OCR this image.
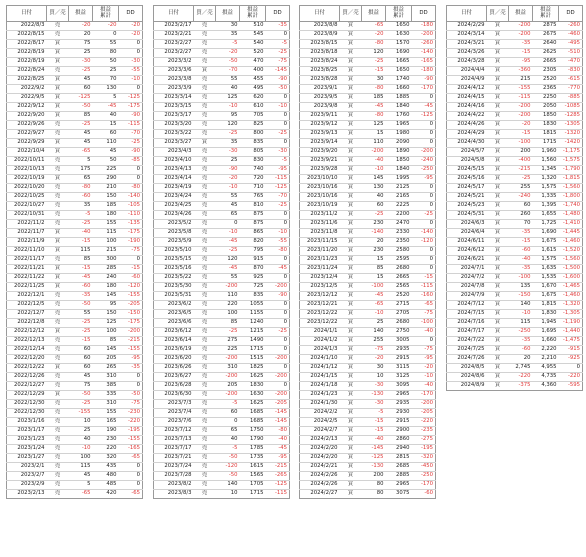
日付	買／売	損益	損益
累計	DD
2022/8/3	売	-20	-20	-20
2022/8/15	売	20	0	-20
2022/8/17	買	75	55	0
2022/8/19	買	25	80	0
2022/8/19	買	-30	50	-30
2022/8/24	売	-25	25	-55
2022/8/25	買	45	70	-10
2022/9/2	買	60	130	0
2022/9/5	買	-125	5	-125
2022/9/12	買	-50	-45	-175
2022/9/20	買	85	40	-90
2022/9/26	売	-25	15	-115
2022/9/27	売	45	60	-70
2022/9/29	買	45	110	-25
2022/10/4	買	-65	45	-90
2022/10/11	売	5	50	-85
2022/10/13	売	175	225	0
2022/10/19	買	65	290	0
2022/10/20	売	-80	210	-80
2022/10/25	売	-60	150	-140
2022/10/27	売	35	185	-105
2022/10/31	売	-5	180	-110
2022/11/2	売	-25	155	-135
2022/11/7	買	-40	115	-175
2022/11/9	買	-15	100	-190
2022/11/10	買	115	215	-75
2022/11/17	売	85	300	0
2022/11/21	買	-15	285	-15
2022/11/22	買	-45	240	-60
2022/11/25	買	-60	180	-120
2022/12/1	売	-35	145	-155
2022/12/5	売	-50	95	-205
2022/12/7	売	55	150	-150
2022/12/8	売	-25	125	-175
2022/12/12	買	-25	100	-200
2022/12/13	売	-15	85	-215
2022/12/14	売	60	145	-155
2022/12/20	売	60	205	-95
2022/12/22	買	60	265	-35
2022/12/26	売	45	310	0
2022/12/27	売	75	385	0
2022/12/29	買	-50	335	-50
2022/12/30	売	-25	310	-75
2022/12/30	売	-155	155	-230
2023/1/16	売	10	165	-220
2023/1/17	売	25	190	-195
2023/1/23	売	40	230	-155
2023/1/24	売	-10	220	-165
2023/1/27	売	100	320	-65
2023/2/1	売	115	435	0
2023/2/7	売	45	480	0
2023/2/9	売	5	485	0
2023/2/13	売	-65	420	-65
日付	買／売	損益	損益
累計	DD
2023/2/17	売	30	510	-35
2023/2/21	売	35	545	0
2023/2/27	売	-5	540	-5
2023/2/27	売	-20	520	-25
2023/3/2	売	-50	470	-75
2023/3/6	買	-70	400	-145
2023/3/8	売	55	455	-90
2023/3/9	売	40	495	-50
2023/3/14	売	125	620	0
2023/3/15	売	-10	610	-10
2023/3/17	売	95	705	0
2023/3/20	売	120	825	0
2023/3/22	売	-25	800	-25
2023/3/27	買	35	835	0
2023/4/3	売	-30	805	-30
2023/4/10	売	25	830	-5
2023/4/13	売	-90	740	-95
2023/4/14	売	-20	720	-115
2023/4/19	売	-10	710	-125
2023/4/24	売	55	765	-70
2023/4/25	売	45	810	-25
2023/4/26	売	65	875	0
2023/5/2	売	0	875	0
2023/5/8	売	-10	865	-10
2023/5/9	売	-45	820	-55
2023/5/10	売	-25	795	-80
2023/5/15	売	120	915	0
2023/5/16	売	-45	870	-45
2023/5/22	売	55	925	0
2023/5/30	売	-200	725	-200
2023/5/31	売	110	835	-90
2023/6/2	売	220	1055	0
2023/6/5	売	100	1155	0
2023/6/6	売	85	1240	0
2023/6/12	売	-25	1215	-25
2023/6/14	売	275	1490	0
2023/6/19	売	225	1715	0
2023/6/20	売	-200	1515	-200
2023/6/26	売	310	1825	0
2023/6/27	売	-200	1625	-200
2023/6/28	売	205	1830	0
2023/6/30	売	-200	1630	-200
2023/7/3	売	-5	1625	-205
2023/7/4	売	60	1685	-145
2023/7/6	売	0	1685	-145
2023/7/12	売	65	1750	-80
2023/7/13	売	40	1790	-40
2023/7/17	売	-5	1785	-45
2023/7/21	売	-50	1735	-95
2023/7/24	売	-120	1615	-215
2023/7/28	売	-50	1565	-265
2023/8/2	売	140	1705	-125
2023/8/3	売	10	1715	-115
日付	買／売	損益	損益
累計	DD
2023/8/8	買	-65	1650	-180
2023/8/9	買	-20	1630	-200
2023/8/15	買	-80	1570	-260
2023/8/18	買	120	1690	-140
2023/8/24	買	-25	1665	-165
2023/8/25	買	-15	1650	-180
2023/8/28	買	30	1740	-90
2023/9/1	買	-80	1660	-170
2023/9/5	買	185	1885	0
2023/9/8	買	-45	1840	-45
2023/9/11	買	-80	1760	-125
2023/9/12	買	125	1965	0
2023/9/13	買	15	1980	0
2023/9/14	買	110	2090	0
2023/9/20	買	-200	1890	-200
2023/9/21	買	-40	1850	-240
2023/9/28	買	-10	1840	-250
2023/10/10	買	145	1995	-95
2023/10/16	買	130	2125	0
2023/10/16	買	40	2165	0
2023/10/19	買	60	2225	0
2023/11/2	買	-25	2200	-25
2023/11/6	買	230	2470	0
2023/11/8	買	-140	2330	-140
2023/11/15	買	20	2350	-120
2023/11/20	買	230	2580	0
2023/11/23	買	15	2595	0
2023/11/24	買	85	2680	0
2023/12/4	買	15	2665	-15
2023/12/5	買	-100	2565	-115
2023/12/12	買	-45	2520	-160
2023/12/21	買	-65	2715	-65
2023/12/22	買	-10	2705	-75
2023/12/22	買	25	2680	-100
2024/1/1	買	140	2750	-40
2024/1/2	買	255	3005	0
2024/1/3	買	-75	2935	-75
2024/1/10	買	-20	2915	-95
2024/1/12	買	30	3115	-20
2024/1/15	買	10	3125	-10
2024/1/18	買	-30	3095	-40
2024/1/23	買	-130	2965	-170
2024/1/30	買	-30	2935	-200
2024/2/2	買	-5	2930	-205
2024/2/5	買	-15	2915	-220
2024/2/7	買	-15	2900	-235
2024/2/13	買	-40	2860	-275
2024/2/20	買	-145	2940	-195
2024/2/20	買	-125	2815	-320
2024/2/21	買	-130	2685	-450
2024/2/26	買	200	2885	-250
2024/2/26	買	80	2965	-170
2024/2/27	買	80	3075	-60
日付	買／売	損益	損益
累計	DD
2024/2/29	買	-200	2875	-260
2024/3/14	買	-200	2675	-460
2024/3/21	買	-35	2640	-495
2024/3/26	買	-15	2625	-510
2024/3/28	買	-95	2665	-470
2024/4/4	買	-360	2305	-830
2024/4/9	買	215	2520	-615
2024/4/12	買	-155	2365	-770
2024/4/15	買	-115	2250	-885
2024/4/16	買	-200	2050	-1085
2024/4/22	買	-200	1850	-1285
2024/4/26	買	-20	1830	-1305
2024/4/29	買	-15	1815	-1320
2024/4/30	買	-100	1715	-1420
2024/5/7	買	200	1,960	-1,175
2024/5/8	買	-400	1,560	-1,575
2024/5/15	買	-215	1,345	-1,790
2024/5/16	買	-25	1,320	-1,815
2024/5/17	買	255	1,575	-1,560
2024/5/21	買	-240	1,335	-1,800
2024/5/23	買	60	1,395	-1,740
2024/5/31	買	260	1,655	-1,480
2024/6/3	買	70	1,725	-1,410
2024/6/4	買	-35	1,690	-1,445
2024/6/11	買	-15	1,675	-1,460
2024/6/12	買	-60	1,615	-1,520
2024/6/21	買	-40	1,575	-1,560
2024/7/1	買	-35	1,635	-1,500
2024/7/2	買	-100	1,535	-1,600
2024/7/8	買	135	1,670	-1,465
2024/7/9	買	-150	1,675	-1,460
2024/7/12	買	140	1,815	-1,320
2024/7/15	買	-10	1,830	-1,305
2024/7/16	買	115	1,945	-1,190
2024/7/17	買	-250	1,695	-1,440
2024/7/22	買	-35	1,660	-1,475
2024/7/25	買	-60	2,220	-915
2024/7/26	買	20	2,210	-925
2024/8/5	買	2,745	4,955	0
2024/8/6	買	-220	4,735	-220
2024/8/9	買	-375	4,360	-595
